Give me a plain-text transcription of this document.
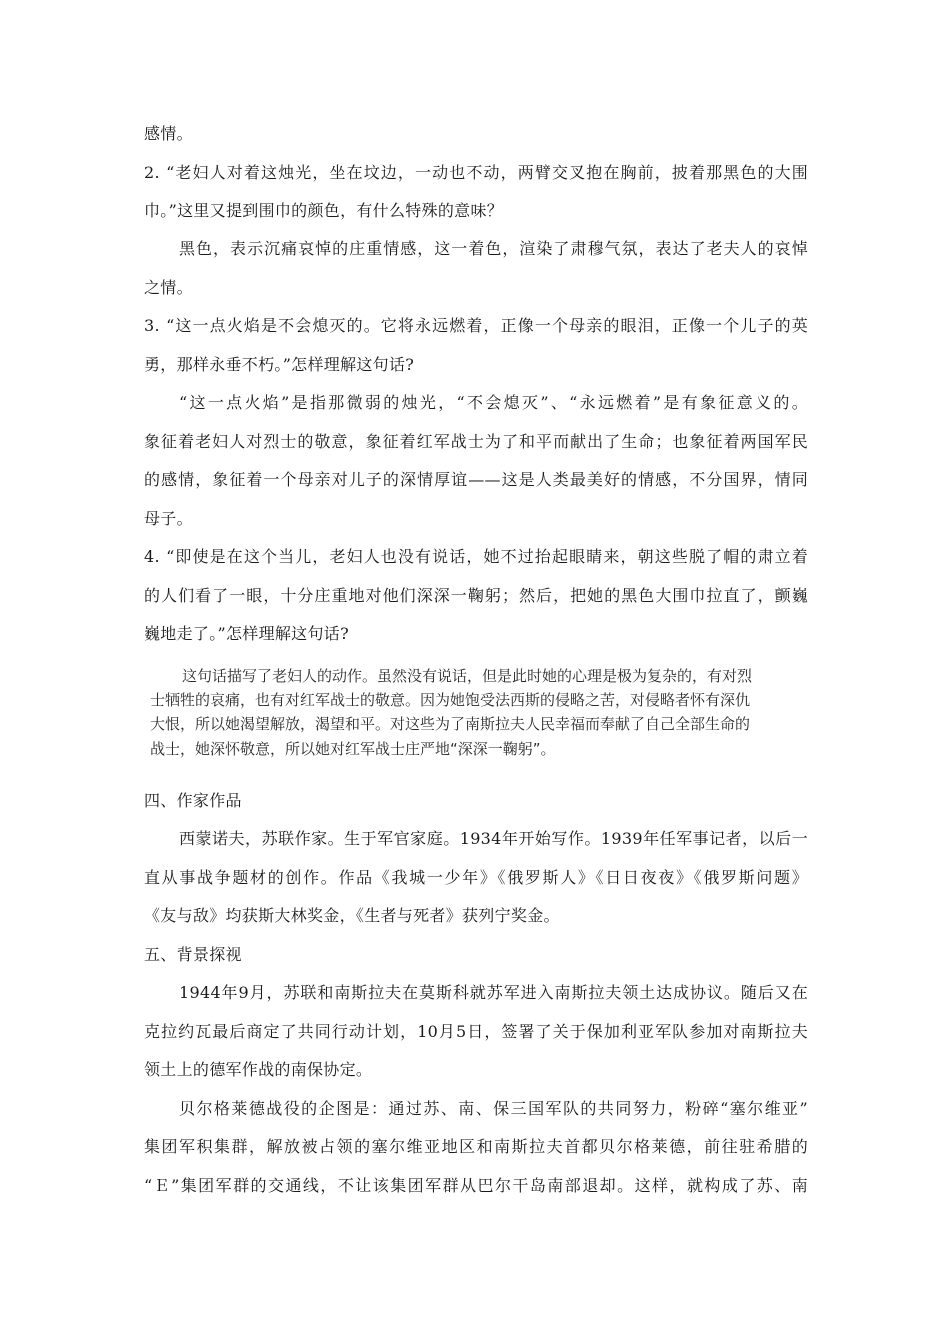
感情。
2. “老妇人对着这烛光，坐在坟边，一动也不动，两臂交叉抱在胸前，披着那黑色的大围
巾。”这里又提到围巾的颜色，有什么特殊的意味？
黑色，表示沉痛哀悼的庄重情感，这一着色，渲染了肃穆气氛，表达了老夫人的哀悼
之情。
3. “这一点火焰是不会熄灭的。它将永远燃着，正像一个母亲的眼泪，正像一个儿子的英
勇，那样永垂不朽。”怎样理解这句话?
“这一点火焰”是指那微弱的烛光，“不会熄灭”、“永远燃着”是有象征意义的。
象征着老妇人对烈士的敬意，象征着红军战士为了和平而献出了生命；也象征着两国军民
的感情，象征着一个母亲对儿子的深情厚谊——这是人类最美好的情感，不分国界，情同
母子。
4. “即使是在这个当儿，老妇人也没有说话，她不过抬起眼睛来，朝这些脱了帽的肃立着
的人们看了一眼，十分庄重地对他们深深一鞠躬；然后，把她的黑色大围巾拉直了，颤巍
巍地走了。”怎样理解这句话?
这句话描写了老妇人的动作。虽然没有说话，但是此时她的心理是极为复杂的，有对烈
士牺牲的哀痛，也有对红军战士的敬意。因为她饱受法西斯的侵略之苦，对侵略者怀有深仇
大恨，所以她渴望解放，渴望和平。对这些为了南斯拉夫人民幸福而奉献了自己全部生命的
战士，她深怀敬意，所以她对红军战士庄严地“深深一鞠躬”。
四、作家作品
西蒙诺夫，苏联作家。生于军官家庭。1934年开始写作。1939年任军事记者，以后一
直从事战争题材的创作。作品《我城一少年》《俄罗斯人》《日日夜夜》《俄罗斯问题》
《友与敌》均获斯大林奖金，《生者与死者》获列宁奖金。
五、背景探视
1944年9月，苏联和南斯拉夫在莫斯科就苏军进入南斯拉夫领土达成协议。随后又在
克拉约瓦最后商定了共同行动计划，10月5日，签署了关于保加利亚军队参加对南斯拉夫
领土上的德军作战的南保协定。
贝尔格莱德战役的企图是：通过苏、南、保三国军队的共同努力，粉碎“塞尔维亚”
集团军积集群，解放被占领的塞尔维亚地区和南斯拉夫首都贝尔格莱德，前往驻希腊的
“Ｅ”集团军群的交通线，不让该集团军群从巴尔干岛南部退却。这样，就构成了苏、南
